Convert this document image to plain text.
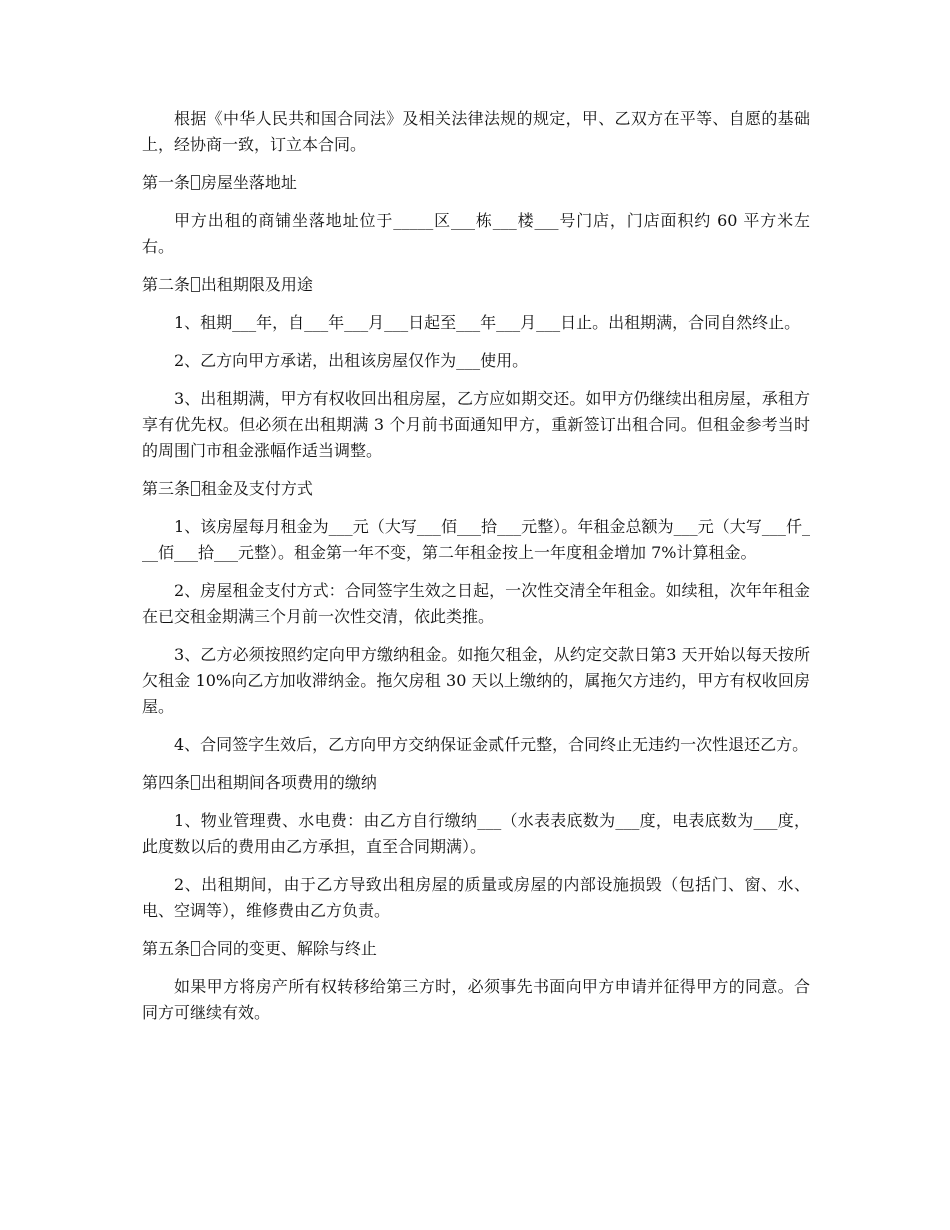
根据《中华人民共和国合同法》及相关法律法规的规定，甲、乙双方在平等、自愿的基础上，经协商一致，订立本合同。

第一条 房屋坐落地址

甲方出租的商铺坐落地址位于_____区___栋___楼___号门店，门店面积约 60 平方米左右。

第二条 出租期限及用途

1、租期___年，自___年___月___日起至___年___月___日止。出租期满，合同自然终止。

2、乙方向甲方承诺，出租该房屋仅作为___使用。

3、出租期满，甲方有权收回出租房屋，乙方应如期交还。如甲方仍继续出租房屋，承租方享有优先权。但必须在出租期满 3 个月前书面通知甲方，重新签订出租合同。但租金参考当时的周围门市租金涨幅作适当调整。

第三条 租金及支付方式

1、该房屋每月租金为___元（大写___佰___拾___元整）。年租金总额为___元（大写___仟___佰___拾___元整）。租金第一年不变，第二年租金按上一年度租金增加 7%计算租金。

2、房屋租金支付方式：合同签字生效之日起，一次性交清全年租金。如续租，次年年租金在已交租金期满三个月前一次性交清，依此类推。

3、乙方必须按照约定向甲方缴纳租金。如拖欠租金，从约定交款日第3 天开始以每天按所欠租金 10%向乙方加收滞纳金。拖欠房租 30 天以上缴纳的，属拖欠方违约，甲方有权收回房屋。

4、合同签字生效后，乙方向甲方交纳保证金贰仟元整，合同终止无违约一次性退还乙方。

第四条 出租期间各项费用的缴纳

1、物业管理费、水电费：由乙方自行缴纳___（水表表底数为___度，电表底数为___度，此度数以后的费用由乙方承担，直至合同期满）。

2、出租期间，由于乙方导致出租房屋的质量或房屋的内部设施损毁（包括门、窗、水、电、空调等），维修费由乙方负责。

第五条 合同的变更、解除与终止

如果甲方将房产所有权转移给第三方时，必须事先书面向甲方申请并征得甲方的同意。合同方可继续有效。
